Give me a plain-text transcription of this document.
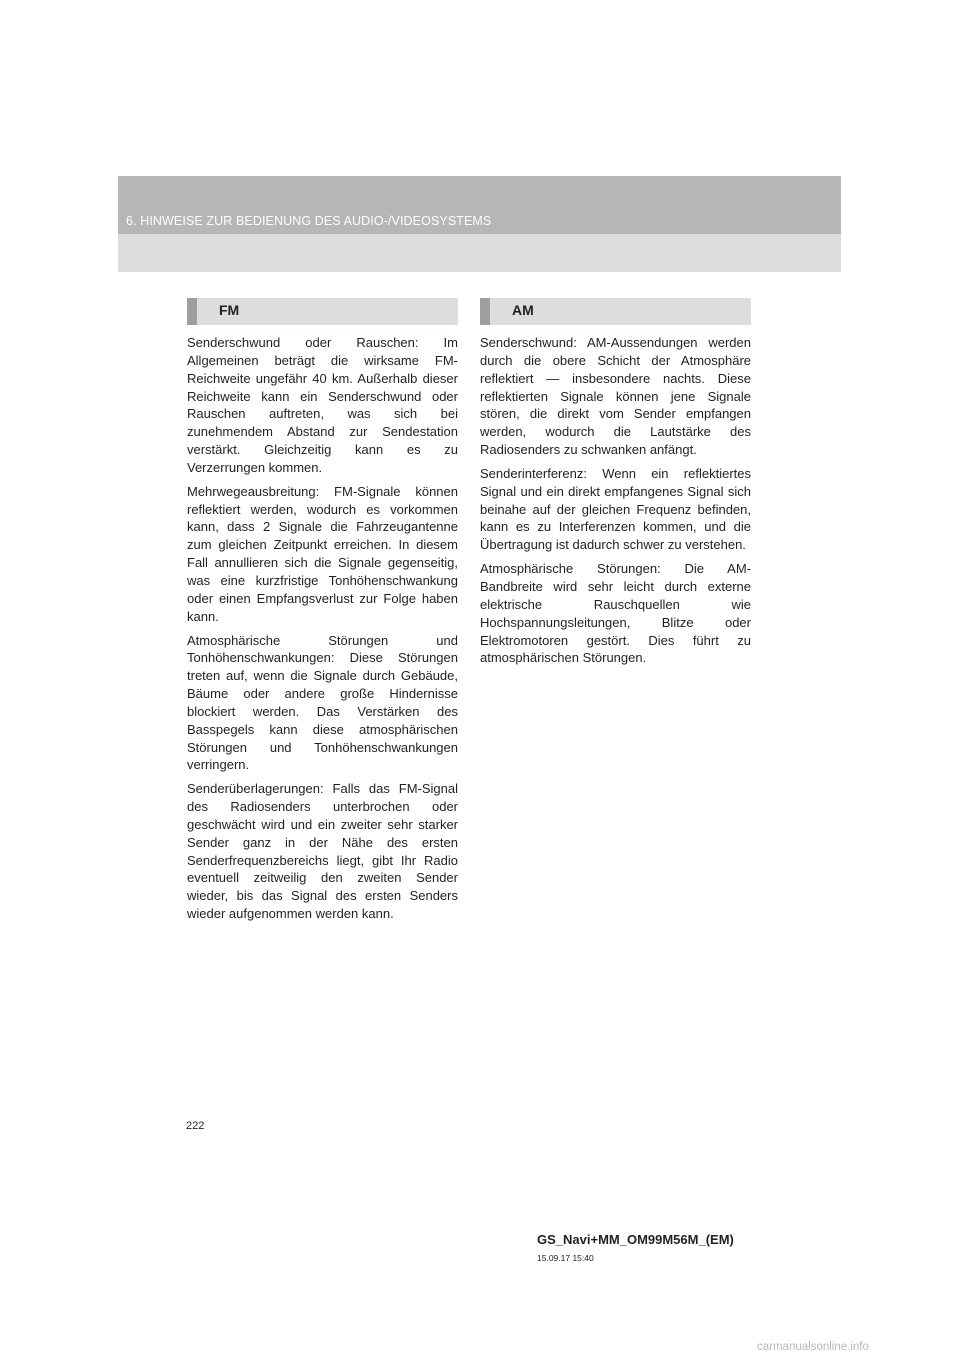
6. HINWEISE ZUR BEDIENUNG DES AUDIO-/VIDEOSYSTEMS
FM

Senderschwund oder Rauschen: Im Allgemeinen beträgt die wirksame FM-Reichweite ungefähr 40 km. Außerhalb dieser Reichweite kann ein Senderschwund oder Rauschen auftreten, was sich bei zunehmendem Abstand zur Sendestation verstärkt. Gleichzeitig kann es zu Verzerrungen kommen.

Mehrwegeausbreitung: FM-Signale können reflektiert werden, wodurch es vorkommen kann, dass 2 Signale die Fahrzeugantenne zum gleichen Zeitpunkt erreichen. In diesem Fall annullieren sich die Signale gegenseitig, was eine kurzfristige Tonhöhenschwankung oder einen Empfangsverlust zur Folge haben kann.

Atmosphärische Störungen und Tonhöhenschwankungen: Diese Störungen treten auf, wenn die Signale durch Gebäude, Bäume oder andere große Hindernisse blockiert werden. Das Verstärken des Basspegels kann diese atmosphärischen Störungen und Tonhöhenschwankungen verringern.

Senderüberlagerungen: Falls das FM-Signal des Radiosenders unterbrochen oder geschwächt wird und ein zweiter sehr starker Sender ganz in der Nähe des ersten Senderfrequenzbereichs liegt, gibt Ihr Radio eventuell zeitweilig den zweiten Sender wieder, bis das Signal des ersten Senders wieder aufgenommen werden kann.

AM

Senderschwund: AM-Aussendungen werden durch die obere Schicht der Atmosphäre reflektiert — insbesondere nachts. Diese reflektierten Signale können jene Signale stören, die direkt vom Sender empfangen werden, wodurch die Lautstärke des Radiosenders zu schwanken anfängt.

Senderinterferenz: Wenn ein reflektiertes Signal und ein direkt empfangenes Signal sich beinahe auf der gleichen Frequenz befinden, kann es zu Interferenzen kommen, und die Übertragung ist dadurch schwer zu verstehen.

Atmosphärische Störungen: Die AM-Bandbreite wird sehr leicht durch externe elektrische Rauschquellen wie Hochspannungsleitungen, Blitze oder Elektromotoren gestört. Dies führt zu atmosphärischen Störungen.

222
GS_Navi+MM_OM99M56M_(EM)
15.09.17 15:40
carmanualsonline.info
